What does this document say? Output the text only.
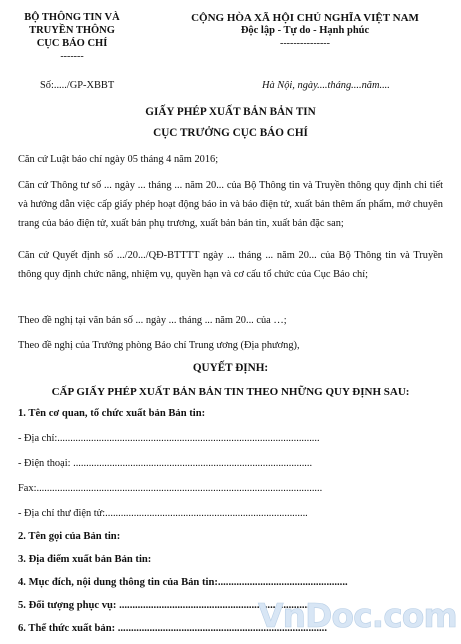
BỘ THÔNG TIN VÀ
TRUYỀN THÔNG
CỤC BÁO CHÍ
-------
CỘNG HÒA XÃ HỘI CHỦ NGHĨA VIỆT NAM
Độc lập - Tự do - Hạnh phúc
---------------
Số:...../GP-XBBT	Hà Nội, ngày....tháng....năm....
GIẤY PHÉP XUẤT BẢN BẢN TIN
CỤC TRƯỞNG CỤC BÁO CHÍ
Căn cứ Luật báo chí ngày 05 tháng 4 năm 2016;
Căn cứ Thông tư số ... ngày ... tháng ... năm 20... của Bộ Thông tin và Truyền thông quy định chi tiết và hướng dẫn việc cấp giấy phép hoạt động báo in và báo điện tử, xuất bản thêm ấn phẩm, mở chuyên trang của báo điện tử, xuất bản phụ trương, xuất bản bản tin, xuất bản đặc san;
Căn cứ Quyết định số .../20.../QĐ-BTTTT ngày ... tháng ... năm 20... của Bộ Thông tin và Truyền thông quy định chức năng, nhiệm vụ, quyền hạn và cơ cấu tổ chức của Cục Báo chí;
Theo đề nghị tại văn bản số ... ngày ... tháng ... năm 20... của …;
Theo đề nghị của Trưởng phòng Báo chí Trung ương (Địa phương),
QUYẾT ĐỊNH:
CẤP GIẤY PHÉP XUẤT BẢN BẢN TIN THEO NHỮNG QUY ĐỊNH SAU:
1. Tên cơ quan, tổ chức xuất bản Bản tin:
- Địa chỉ:.....................................................................................................
- Điện thoại: ............................................................................................
Fax:..............................................................................................................
- Địa chỉ thư điện tử:..............................................................................
2. Tên gọi của Bản tin:
3. Địa điểm xuất bản Bản tin:
4. Mục đích, nội dung thông tin của Bản tin:.................................................
5. Đối tượng phục vụ: ..............................................................................
6. Thể thức xuất bản: ...............................................................................
VnDoc.com
